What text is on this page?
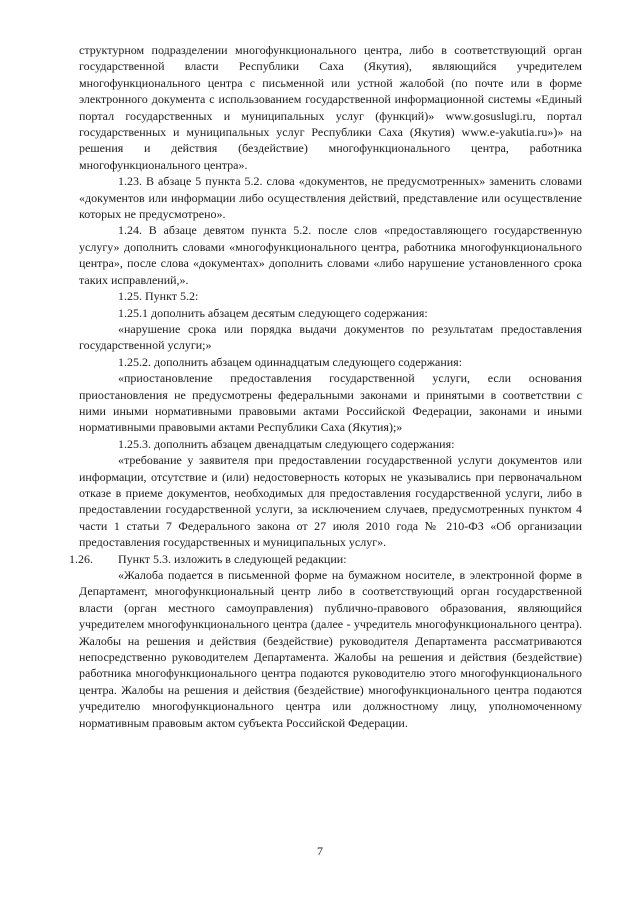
структурном подразделении многофункционального центра, либо в соответствующий орган государственной власти Республики Саха (Якутия), являющийся учредителем многофункционального центра с письменной или устной жалобой (по почте или в форме электронного документа с использованием государственной информационной системы «Единый портал государственных и муниципальных услуг (функций)» www.gosuslugi.ru, портал государственных и муниципальных услуг Республики Саха (Якутия) www.e-yakutia.ru»)» на решения и действия (бездействие) многофункционального центра, работника многофункционального центра».

1.23. В абзаце 5 пункта 5.2. слова «документов, не предусмотренных» заменить словами «документов или информации либо осуществления действий, представление или осуществление которых не предусмотрено».

1.24. В абзаце девятом пункта 5.2. после слов «предоставляющего государственную услугу» дополнить словами «многофункционального центра, работника многофункционального центра», после слова «документах» дополнить словами «либо нарушение установленного срока таких исправлений,».

1.25. Пункт 5.2:

1.25.1 дополнить абзацем десятым следующего содержания:

«нарушение срока или порядка выдачи документов по результатам предоставления государственной услуги;»

1.25.2. дополнить абзацем одиннадцатым следующего содержания:

«приостановление предоставления государственной услуги, если основания приостановления не предусмотрены федеральными законами и принятыми в соответствии с ними иными нормативными правовыми актами Российской Федерации, законами и иными нормативными правовыми актами Республики Саха (Якутия);»

1.25.3. дополнить абзацем двенадцатым следующего содержания:

«требование у заявителя при предоставлении государственной услуги документов или информации, отсутствие и (или) недостоверность которых не указывались при первоначальном отказе в приеме документов, необходимых для предоставления государственной услуги, либо в предоставлении государственной услуги, за исключением случаев, предусмотренных пунктом 4 части 1 статьи 7 Федерального закона от 27 июля 2010 года № 210-ФЗ «Об организации предоставления государственных и муниципальных услуг».

1.26. Пункт 5.3. изложить в следующей редакции:

«Жалоба подается в письменной форме на бумажном носителе, в электронной форме в Департамент, многофункциональный центр либо в соответствующий орган государственной власти (орган местного самоуправления) публично-правового образования, являющийся учредителем многофункционального центра (далее - учредитель многофункционального центра). Жалобы на решения и действия (бездействие) руководителя Департамента рассматриваются непосредственно руководителем Департамента. Жалобы на решения и действия (бездействие) работника многофункционального центра подаются руководителю этого многофункционального центра. Жалобы на решения и действия (бездействие) многофункционального центра подаются учредителю многофункционального центра или должностному лицу, уполномоченному нормативным правовым актом субъекта Российской Федерации.

7
